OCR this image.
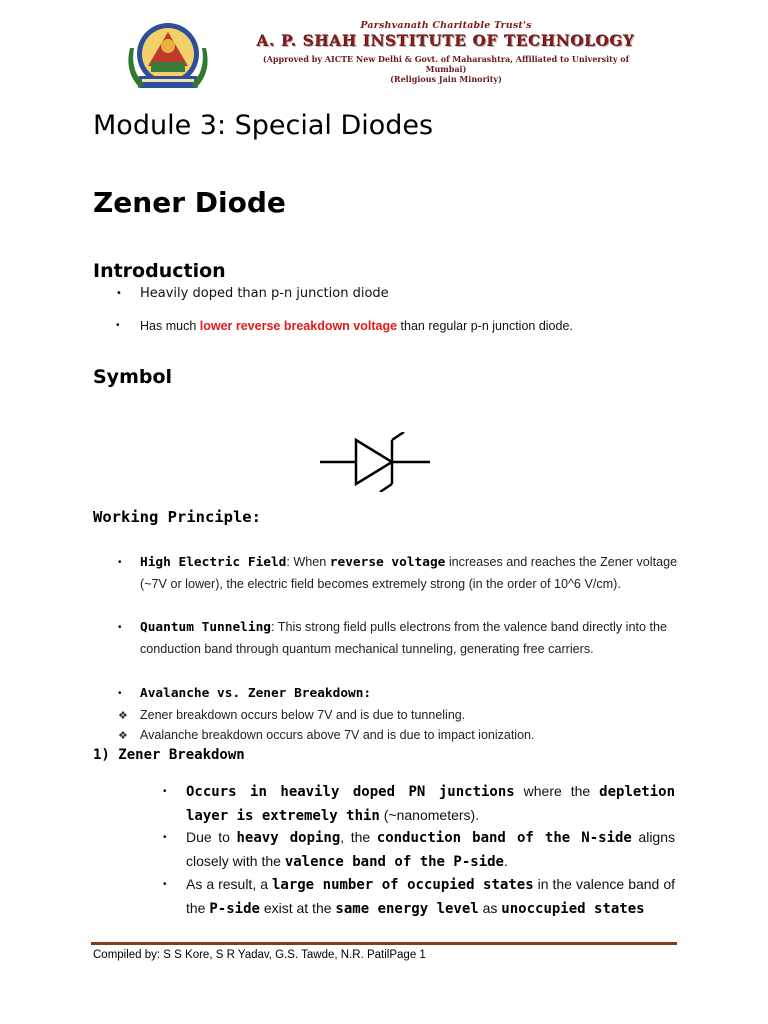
Parshvanath Charitable Trust's
A. P. SHAH INSTITUTE OF TECHNOLOGY
(Approved by AICTE New Delhi & Govt. of Maharashtra, Affiliated to University of Mumbai)
(Religious Jain Minority)
Module 3: Special Diodes
Zener Diode
Introduction
• Heavily doped than p-n junction diode
• Has much lower reverse breakdown voltage than regular p-n junction diode.
Symbol
Working Principle:
• High Electric Field: When reverse voltage increases and reaches the Zener voltage (~7V or lower), the electric field becomes extremely strong (in the order of 10^6 V/cm).
• Quantum Tunneling: This strong field pulls electrons from the valence band directly into the conduction band through quantum mechanical tunneling, generating free carriers.
• Avalanche vs. Zener Breakdown:
❖ Zener breakdown occurs below 7V and is due to tunneling.
❖ Avalanche breakdown occurs above 7V and is due to impact ionization.
1) Zener Breakdown
• Occurs in heavily doped PN junctions where the depletion layer is extremely thin (~nanometers).
• Due to heavy doping, the conduction band of the N-side aligns closely with the valence band of the P-side.
• As a result, a large number of occupied states in the valence band of the P-side exist at the same energy level as unoccupied states
Compiled by: S S Kore, S R Yadav, G.S. Tawde, N.R. PatilPage 1
